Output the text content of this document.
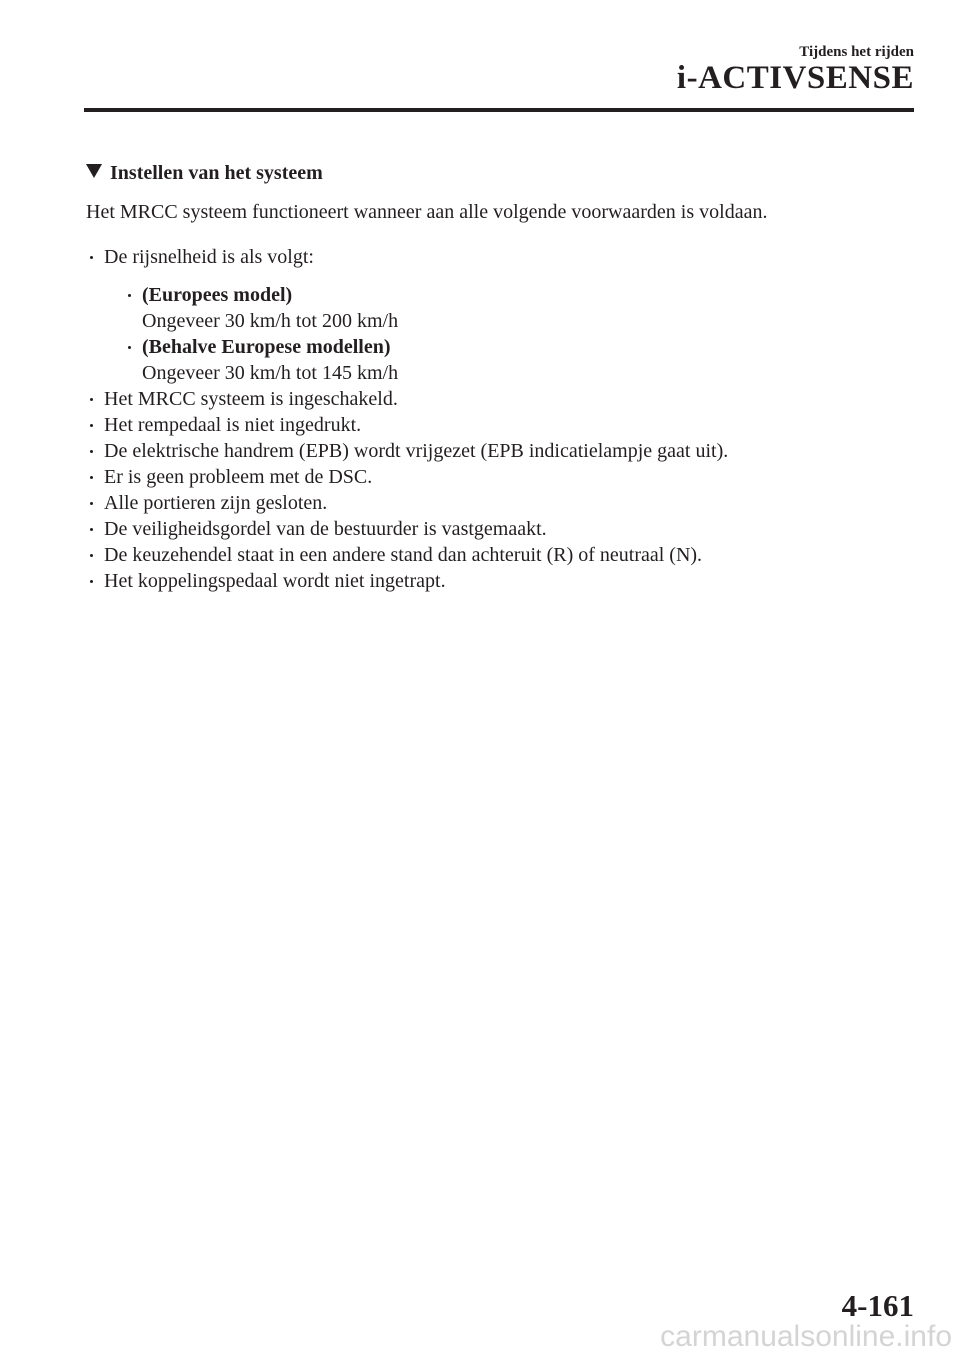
Tijdens het rijden
i-ACTIVSENSE
Instellen van het systeem
Het MRCC systeem functioneert wanneer aan alle volgende voorwaarden is voldaan.
De rijsnelheid is als volgt:
(Europees model)
Ongeveer 30 km/h tot 200 km/h
(Behalve Europese modellen)
Ongeveer 30 km/h tot 145 km/h
Het MRCC systeem is ingeschakeld.
Het rempedaal is niet ingedrukt.
De elektrische handrem (EPB) wordt vrijgezet (EPB indicatielampje gaat uit).
Er is geen probleem met de DSC.
Alle portieren zijn gesloten.
De veiligheidsgordel van de bestuurder is vastgemaakt.
De keuzehendel staat in een andere stand dan achteruit (R) of neutraal (N).
Het koppelingspedaal wordt niet ingetrapt.
4-161
carmanualsonline.info
